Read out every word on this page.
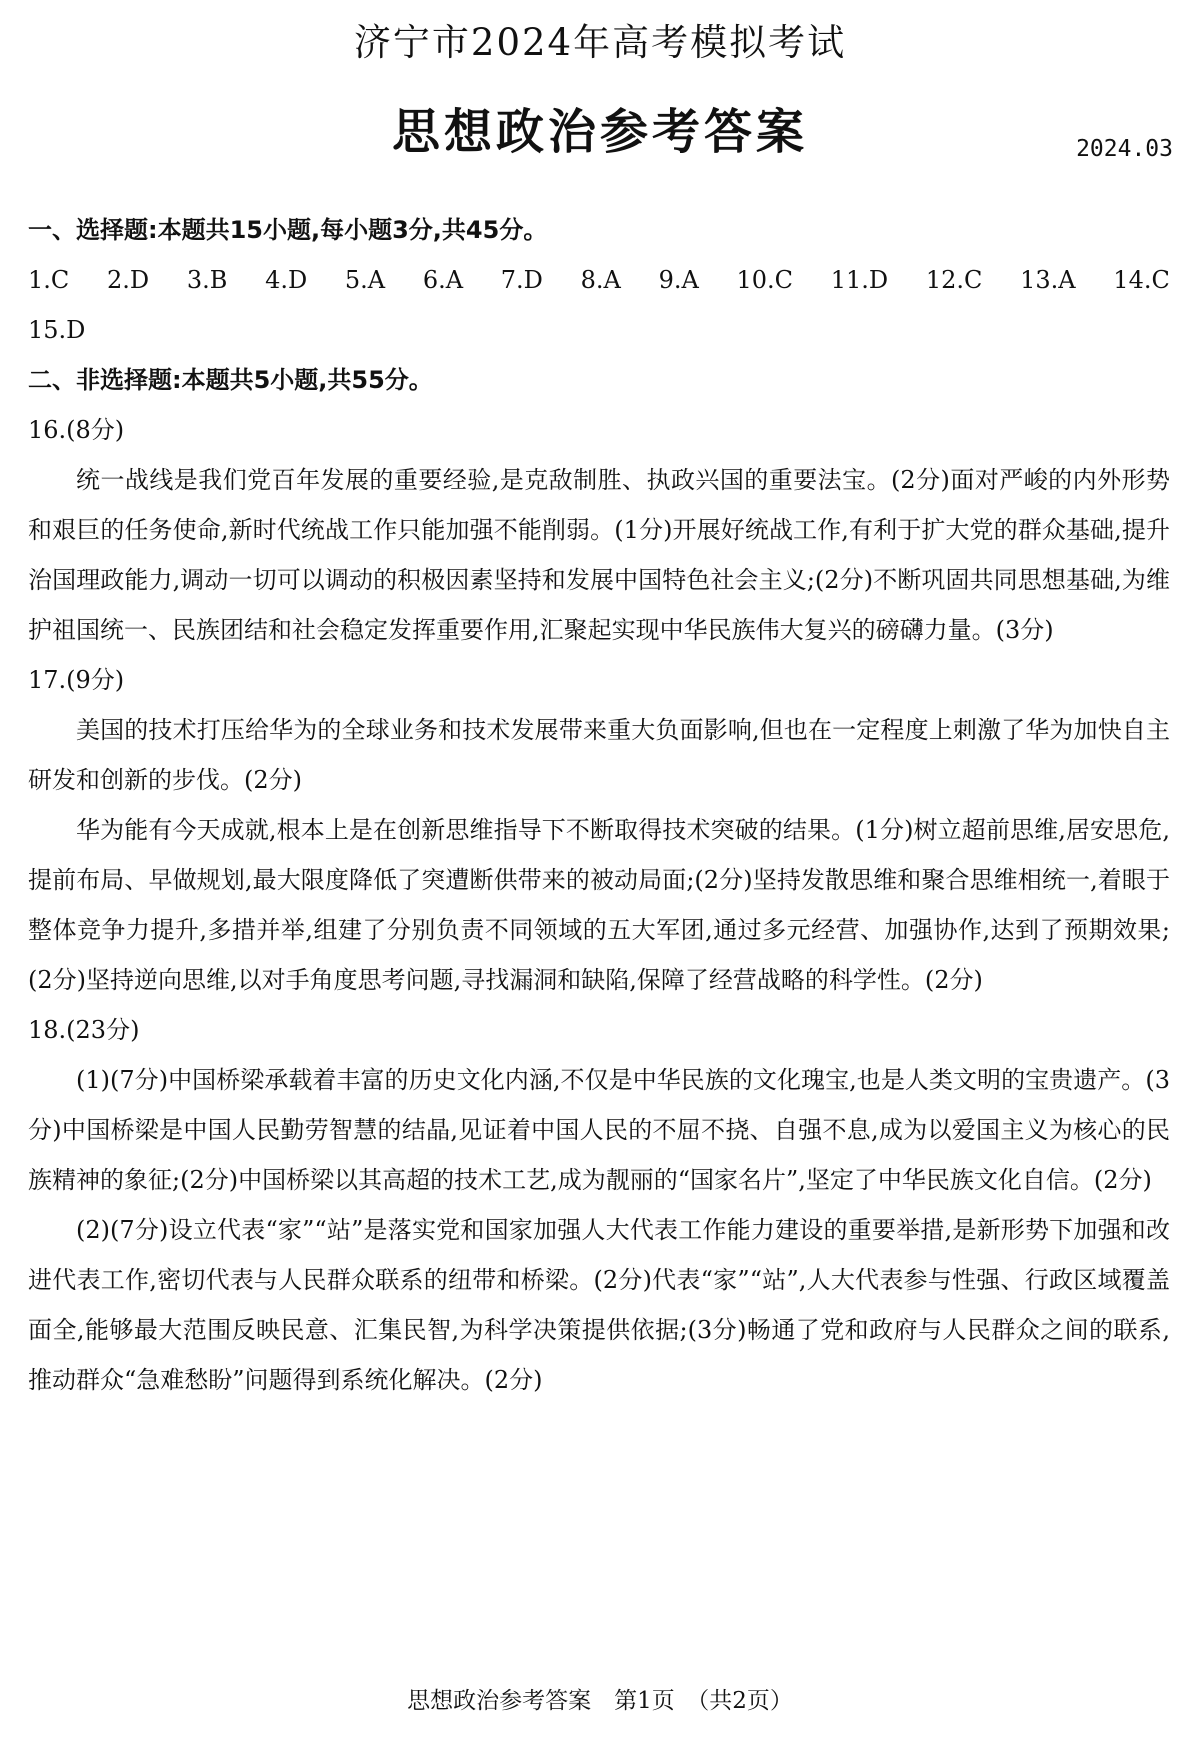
济宁市2024年高考模拟考试
思想政治参考答案	2024.03

一、选择题:本题共15小题,每小题3分,共45分。

1.C 2.D 3.B 4.D 5.A 6.A 7.D 8.A 9.A 10.C 11.D 12.C 13.A 14.C

15.D

二、非选择题:本题共5小题,共55分。

16.(8分)

统一战线是我们党百年发展的重要经验,是克敌制胜、执政兴国的重要法宝。(2分)面对严峻的内外形势和艰巨的任务使命,新时代统战工作只能加强不能削弱。(1分)开展好统战工作,有利于扩大党的群众基础,提升治国理政能力,调动一切可以调动的积极因素坚持和发展中国特色社会主义;(2分)不断巩固共同思想基础,为维护祖国统一、民族团结和社会稳定发挥重要作用,汇聚起实现中华民族伟大复兴的磅礴力量。(3分)

17.(9分)

美国的技术打压给华为的全球业务和技术发展带来重大负面影响,但也在一定程度上刺激了华为加快自主研发和创新的步伐。(2分)

华为能有今天成就,根本上是在创新思维指导下不断取得技术突破的结果。(1分)树立超前思维,居安思危,提前布局、早做规划,最大限度降低了突遭断供带来的被动局面;(2分)坚持发散思维和聚合思维相统一,着眼于整体竞争力提升,多措并举,组建了分别负责不同领域的五大军团,通过多元经营、加强协作,达到了预期效果;(2分)坚持逆向思维,以对手角度思考问题,寻找漏洞和缺陷,保障了经营战略的科学性。(2分)

18.(23分)

(1)(7分)中国桥梁承载着丰富的历史文化内涵,不仅是中华民族的文化瑰宝,也是人类文明的宝贵遗产。(3分)中国桥梁是中国人民勤劳智慧的结晶,见证着中国人民的不屈不挠、自强不息,成为以爱国主义为核心的民族精神的象征;(2分)中国桥梁以其高超的技术工艺,成为靓丽的“国家名片”,坚定了中华民族文化自信。(2分)

(2)(7分)设立代表“家”“站”是落实党和国家加强人大代表工作能力建设的重要举措,是新形势下加强和改进代表工作,密切代表与人民群众联系的纽带和桥梁。(2分)代表“家”“站”,人大代表参与性强、行政区域覆盖面全,能够最大范围反映民意、汇集民智,为科学决策提供依据;(3分)畅通了党和政府与人民群众之间的联系,推动群众“急难愁盼”问题得到系统化解决。(2分)

思想政治参考答案　第1页　（共2页）
